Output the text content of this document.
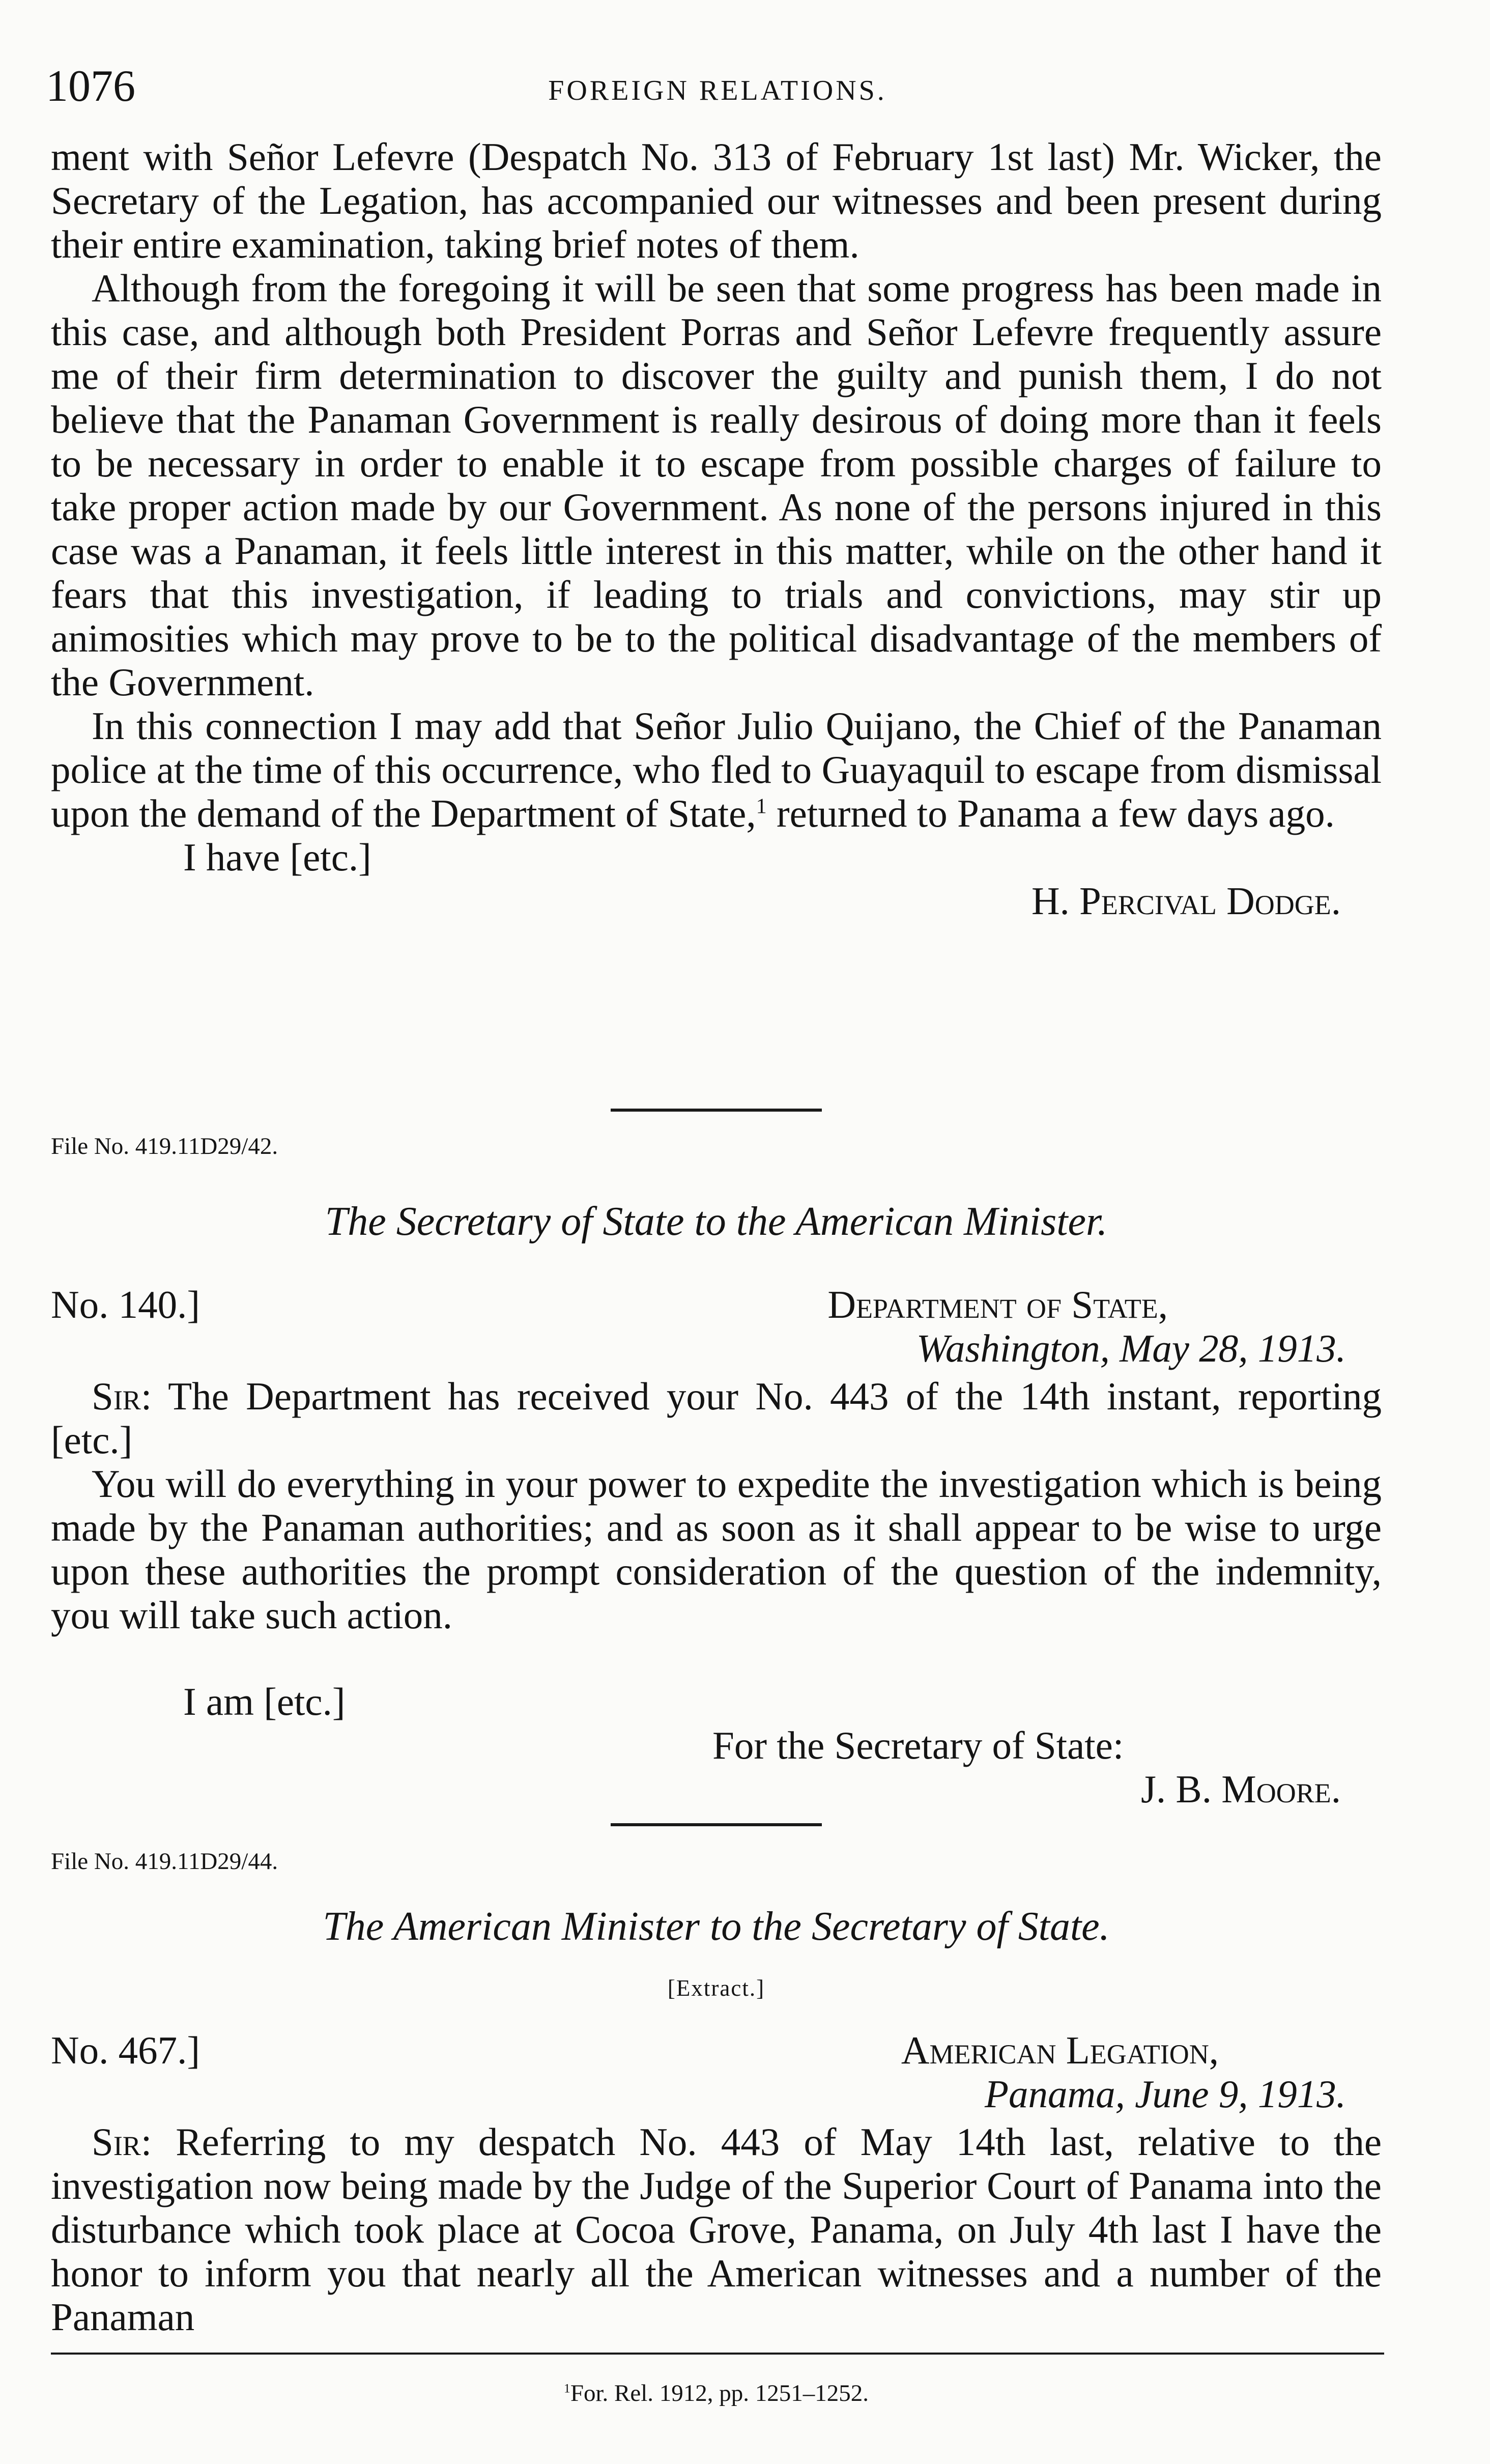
1076	FOREIGN RELATIONS.

ment with Señor Lefevre (Despatch No. 313 of February 1st last) Mr. Wicker, the Secretary of the Legation, has accompanied our witnesses and been present during their entire examination, taking brief notes of them.

Although from the foregoing it will be seen that some progress has been made in this case, and although both President Porras and Señor Lefevre frequently assure me of their firm determination to discover the guilty and punish them, I do not believe that the Panaman Government is really desirous of doing more than it feels to be necessary in order to enable it to escape from possible charges of failure to take proper action made by our Government. As none of the persons injured in this case was a Panaman, it feels little interest in this matter, while on the other hand it fears that this investigation, if leading to trials and convictions, may stir up animosities which may prove to be to the political disadvantage of the members of the Government.

In this connection I may add that Señor Julio Quijano, the Chief of the Panaman police at the time of this occurrence, who fled to Guayaquil to escape from dismissal upon the demand of the Department of State,$^1$ returned to Panama a few days ago.

I have [etc.]

H. Percival Dodge.

File No. 419.11D29/42.
The Secretary of State to the American Minister.
No. 140.]	Department of State,
Washington, May 28, 1913.

Sir: The Department has received your No. 443 of the 14th instant, reporting [etc.]

You will do everything in your power to expedite the investigation which is being made by the Panaman authorities; and as soon as it shall appear to be wise to urge upon these authorities the prompt consideration of the question of the indemnity, you will take such action.

I am [etc.]

For the Secretary of State:

J. B. Moore.

File No. 419.11D29/44.
The American Minister to the Secretary of State.
[Extract.]
No. 467.]	American Legation,
Panama, June 9, 1913.

Sir: Referring to my despatch No. 443 of May 14th last, relative to the investigation now being made by the Judge of the Superior Court of Panama into the disturbance which took place at Cocoa Grove, Panama, on July 4th last I have the honor to inform you that nearly all the American witnesses and a number of the Panaman

$^1$For. Rel. 1912, pp. 1251–1252.
